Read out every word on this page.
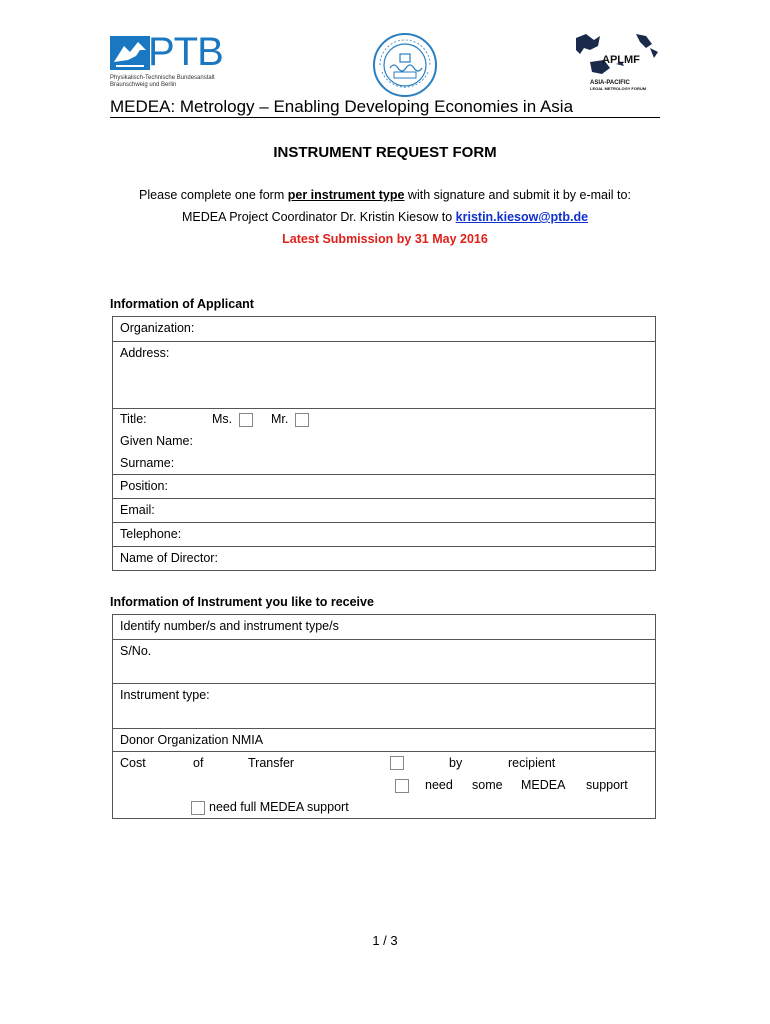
PTB
Physikalisch-Technische Bundesanstalt
Braunschweig und Berlin
APLMF
ASIA-PACIFIC
LEGAL METROLOGY FORUM
MEDEA: Metrology – Enabling Developing Economies in Asia
INSTRUMENT REQUEST FORM
Please complete one form per instrument type with signature and submit it by e-mail to:
MEDEA Project Coordinator Dr. Kristin Kiesow to kristin.kiesow@ptb.de
Latest Submission by 31 May 2016
Information of Applicant
Organization:
Address:
Title:	Ms.	Mr.
Given Name:
Surname:
Position:
Email:
Telephone:
Name of Director:
Information of Instrument you like to receive
Identify number/s and instrument type/s
S/No.
Instrument type:
Donor Organization NMIA
Cost	of	Transfer	by	recipient
need some MEDEA support
need full MEDEA support
1 / 3
